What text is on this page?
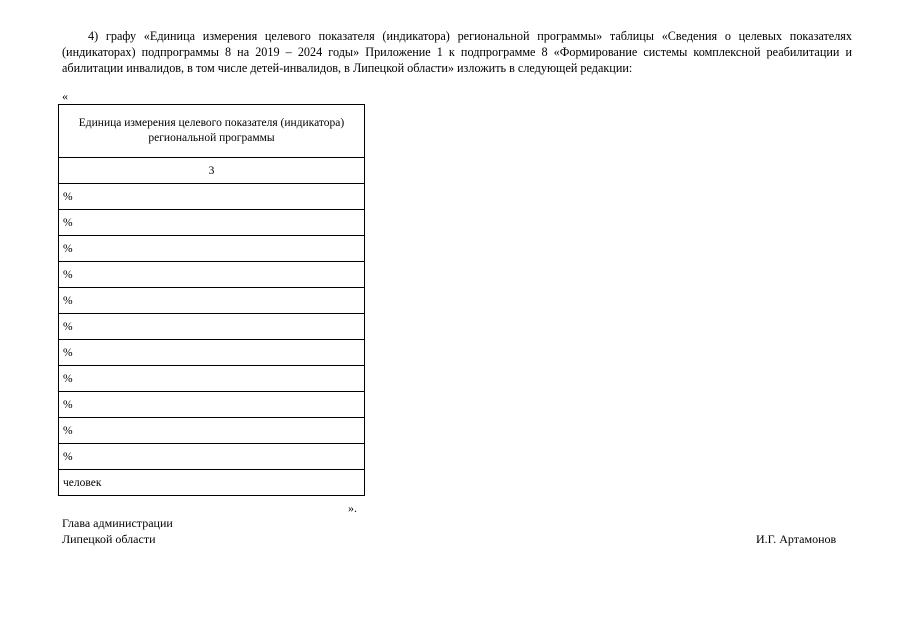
4) графу «Единица измерения целевого показателя (индикатора) региональной программы» таблицы «Сведения о целевых показателях (индикаторах) подпрограммы 8 на 2019 – 2024 годы» Приложение 1 к подпрограмме 8 «Формирование системы комплексной реабилитации и абилитации инвалидов, в том числе детей-инвалидов, в Липецкой области» изложить в следующей редакции:

«
Единица измерения целевого показателя (индикатора) региональной программы
3
%
%
%
%
%
%
%
%
%
%
%
человек
».
Глава администрации
Липецкой области	И.Г. Артамонов
